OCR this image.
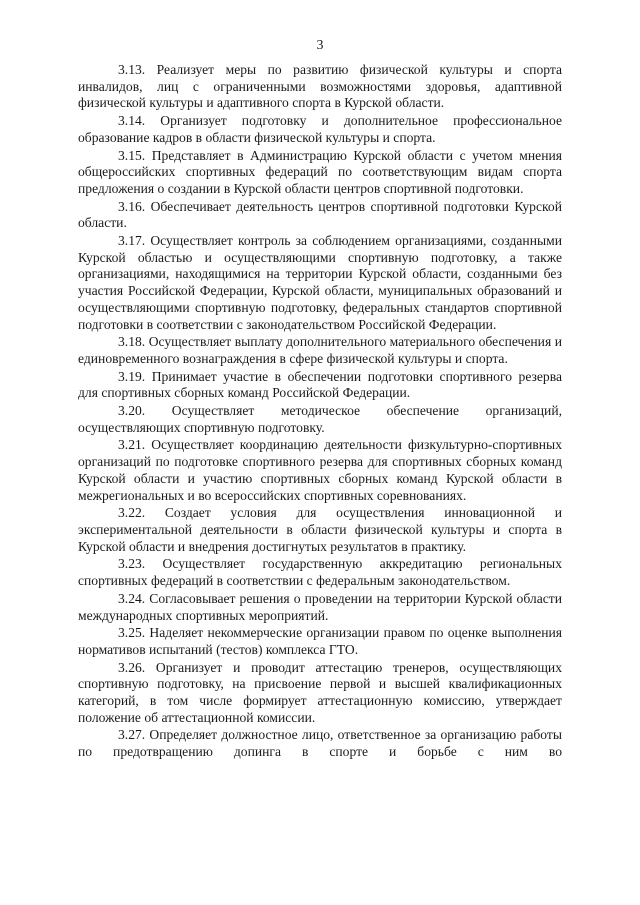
3

3.13. Реализует меры по развитию физической культуры и спорта инвалидов, лиц с ограниченными возможностями здоровья, адаптивной физической культуры и адаптивного спорта в Курской области.

3.14. Организует подготовку и дополнительное профессиональное образование кадров в области физической культуры и спорта.

3.15. Представляет в Администрацию Курской области с учетом мнения общероссийских спортивных федераций по соответствующим видам спорта предложения о создании в Курской области центров спортивной подготовки.

3.16. Обеспечивает деятельность центров спортивной подготовки Курской области.

3.17. Осуществляет контроль за соблюдением организациями, созданными Курской областью и осуществляющими спортивную подготовку, а также организациями, находящимися на территории Курской области, созданными без участия Российской Федерации, Курской области, муниципальных образований и осуществляющими спортивную подготовку, федеральных стандартов спортивной подготовки в соответствии с законодательством Российской Федерации.

3.18. Осуществляет выплату дополнительного материального обеспечения и единовременного вознаграждения в сфере физической культуры и спорта.

3.19. Принимает участие в обеспечении подготовки спортивного резерва для спортивных сборных команд Российской Федерации.

3.20. Осуществляет методическое обеспечение организаций, осуществляющих спортивную подготовку.

3.21. Осуществляет координацию деятельности физкультурно-спортивных организаций по подготовке спортивного резерва для спортивных сборных команд Курской области и участию спортивных сборных команд Курской области в межрегиональных и во всероссийских спортивных соревнованиях.

3.22. Создает условия для осуществления инновационной и экспериментальной деятельности в области физической культуры и спорта в Курской области и внедрения достигнутых результатов в практику.

3.23. Осуществляет государственную аккредитацию региональных спортивных федераций в соответствии с федеральным законодательством.

3.24. Согласовывает решения о проведении на территории Курской области международных спортивных мероприятий.

3.25. Наделяет некоммерческие организации правом по оценке выполнения нормативов испытаний (тестов) комплекса ГТО.

3.26. Организует и проводит аттестацию тренеров, осуществляющих спортивную подготовку, на присвоение первой и высшей квалификационных категорий, в том числе формирует аттестационную комиссию, утверждает положение об аттестационной комиссии.

3.27. Определяет должностное лицо, ответственное за организацию работы по предотвращению допинга в спорте и борьбе с ним во
